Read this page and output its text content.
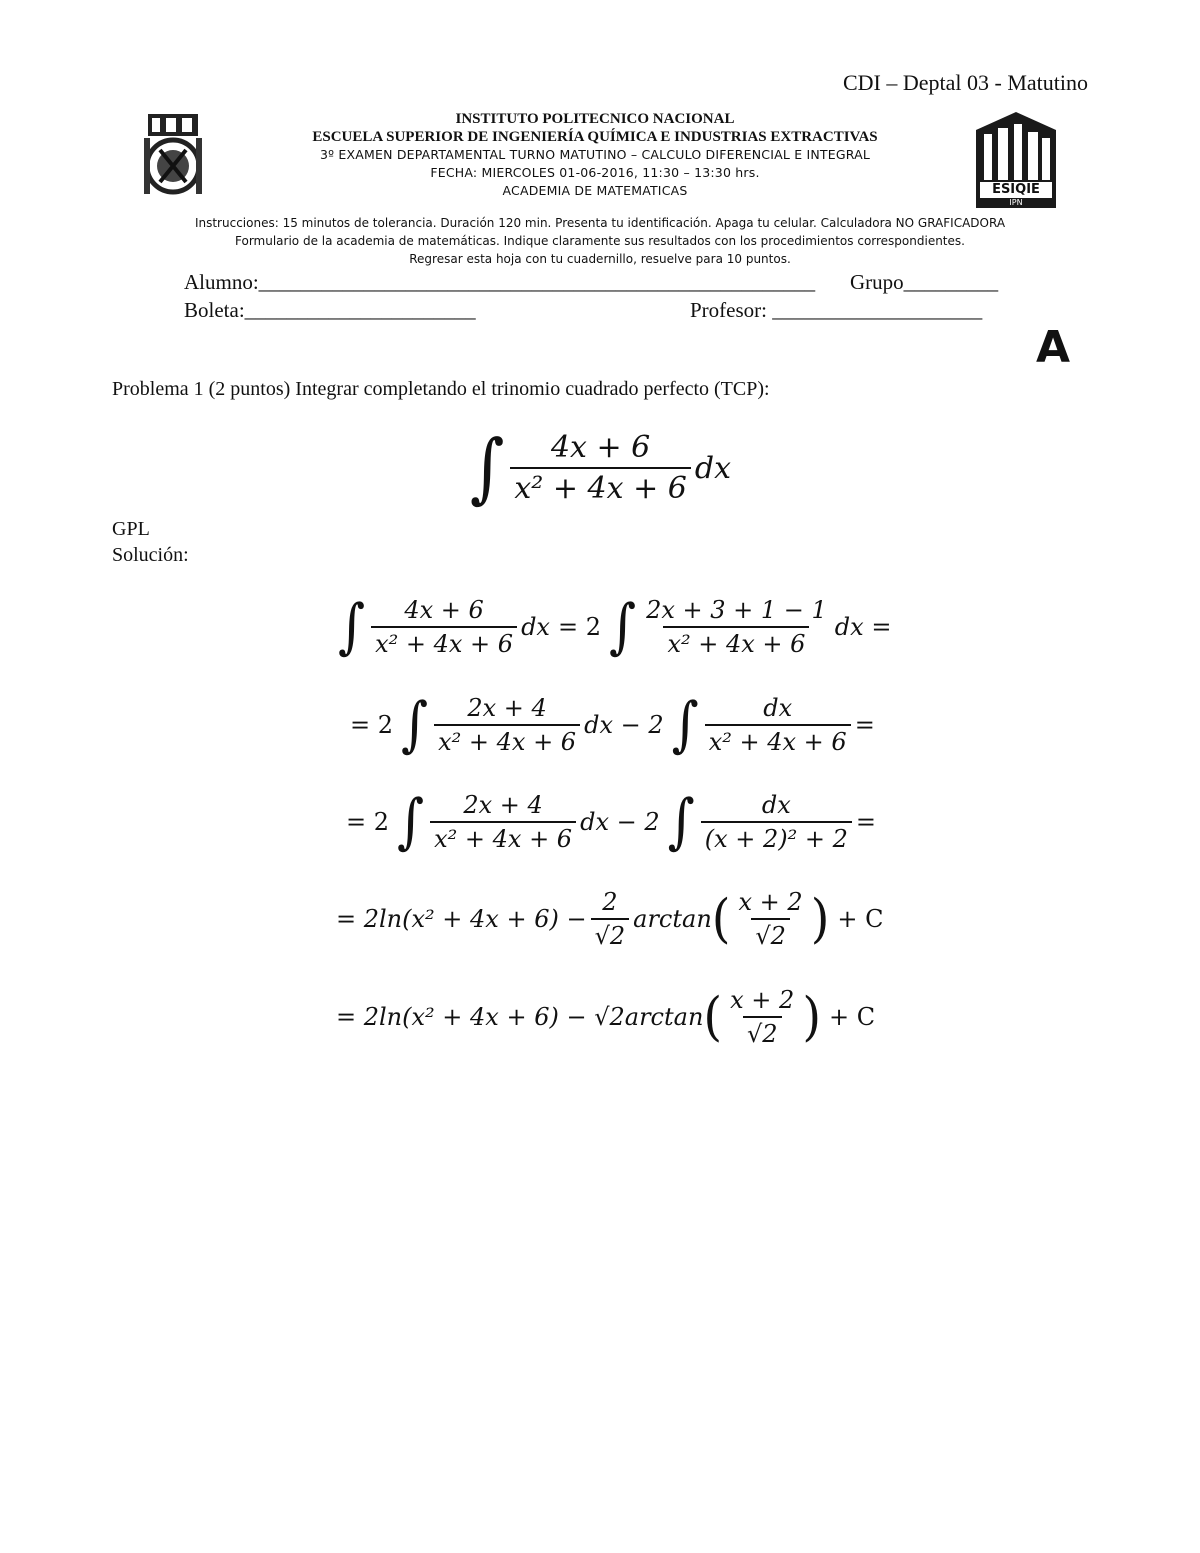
CDI – Deptal 03 - Matutino
INSTITUTO POLITECNICO NACIONAL
ESCUELA SUPERIOR DE INGENIERÍA QUÍMICA E INDUSTRIAS EXTRACTIVAS
3º EXAMEN DEPARTAMENTAL TURNO MATUTINO – CALCULO DIFERENCIAL E INTEGRAL
FECHA: MIERCOLES 01-06-2016, 11:30 – 13:30 hrs.
ACADEMIA DE MATEMATICAS	ESIQIE
IPN
Instrucciones: 15 minutos de tolerancia. Duración 120 min. Presenta tu identificación. Apaga tu celular. Calculadora NO GRAFICADORA
Formulario de la academia de matemáticas. Indique claramente sus resultados con los procedimientos correspondientes.
Regresar esta hoja con tu cuadernillo, resuelve para 10 puntos.
Alumno:_____________________________________________________ Grupo_________
Boleta:______________________	Profesor: ____________________
A
Problema 1 (2 puntos) Integrar completando el trinomio cuadrado perfecto (TCP):
∫ $\frac{4x + 6}{\text{x² + 4x + 6}}$ dx
GPL
Solución:
∫ $\frac{4x + 6}{\text{x² + 4x + 6}}$ dx = 2 ∫ $\frac{2x + 3 + 1 - 1}{\text{x² + 4x + 6}}$ dx =
= 2 ∫ $\frac{2x + 4}{\text{x² + 4x + 6}}$ dx − 2 ∫ $\frac{dx}{\text{x² + 4x + 6}}$ =
= 2 ∫ $\frac{2x + 4}{\text{x² + 4x + 6}}$ dx − 2 ∫ $\frac{dx}{\text{(x + 2)² + 2}}$ =
= $2\ln(x^2 + 4x + 6) - \frac{2}{√2}$ arctan ( $\frac{x + 2}{√2}$ ) + C
= 2ln(x² + 4x + 6) − √2arctan ( $\frac{x + 2}{√2}$ ) + C
